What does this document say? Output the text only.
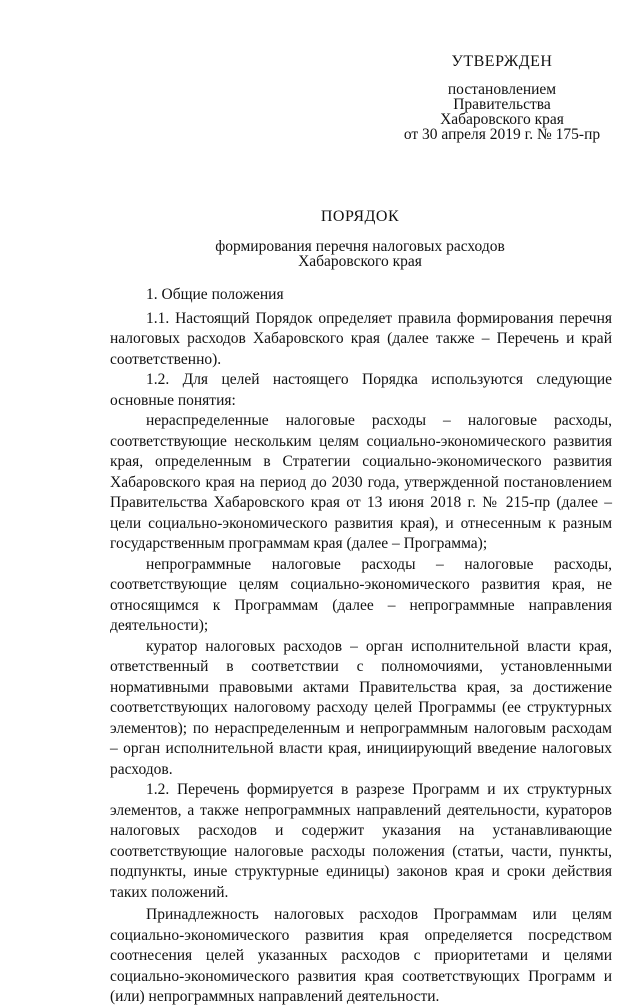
УТВЕРЖДЕН
постановлением
Правительства
Хабаровского края
от 30 апреля 2019 г. № 175-пр
ПОРЯДОК
формирования перечня налоговых расходов
Хабаровского края

1. Общие положения

1.1. Настоящий Порядок определяет правила формирования перечня налоговых расходов Хабаровского края (далее также – Перечень и край соответственно).

1.2. Для целей настоящего Порядка используются следующие основные понятия:

нераспределенные налоговые расходы – налоговые расходы, соответствующие нескольким целям социально-экономического развития края, определенным в Стратегии социально-экономического развития Хабаровского края на период до 2030 года, утвержденной постановлением Правительства Хабаровского края от 13 июня 2018 г. № 215-пр (далее – цели социально-экономического развития края), и отнесенным к разным государственным программам края (далее – Программа);

непрограммные налоговые расходы – налоговые расходы, соответствующие целям социально-экономического развития края, не относящимся к Программам (далее – непрограммные направления деятельности);

куратор налоговых расходов – орган исполнительной власти края, ответственный в соответствии с полномочиями, установленными нормативными правовыми актами Правительства края, за достижение соответствующих налоговому расходу целей Программы (ее структурных элементов); по нераспределенным и непрограммным налоговым расходам – орган исполнительной власти края, инициирующий введение налоговых расходов.

1.2. Перечень формируется в разрезе Программ и их структурных элементов, а также непрограммных направлений деятельности, кураторов налоговых расходов и содержит указания на устанавливающие соответствующие налоговые расходы положения (статьи, части, пункты, подпункты, иные структурные единицы) законов края и сроки действия таких положений.

Принадлежность налоговых расходов Программам или целям социально-экономического развития края определяется посредством соотнесения целей указанных расходов с приоритетами и целями социально-экономического развития края соответствующих Программ и (или) непрограммных направлений деятельности.
